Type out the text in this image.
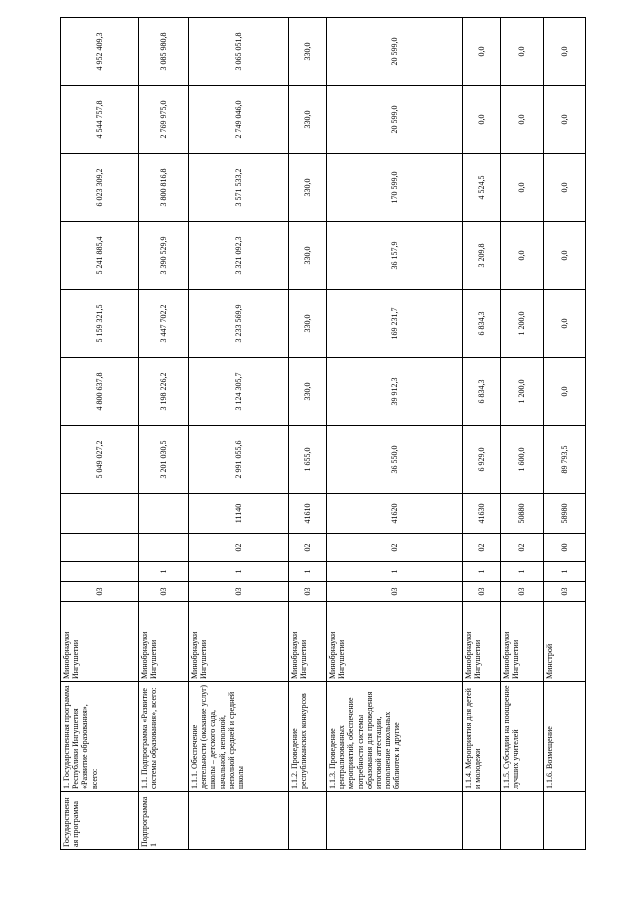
Государственная программа	1. Государственная программа Республики Ингушетия «Развитие образования», всего:	Минобрнауки Ингушетии	03				5 049 027,2	4 800 637,8	5 159 321,5	5 241 885,4	6 023 309,2	4 544 757,8	4 952 409,3
Подпрограмма 1	1.1. Подпрограмма «Развитие системы образования», всего:	Минобрнауки Ингушетии	03	1			3 201 030,5	3 198 226,2	3 447 702,2	3 390 529,9	3 800 816,8	2 769 975,0	3 085 980,8
	1.1.1. Обеспечение деятельности (оказание услуг) школы – детского сада, начальной, неполной, неполной средней и средней школы	Минобрнауки Ингушетии	03	1	02	11140	2 991 055,6	3 124 305,7	3 233 569,9	3 321 092,3	3 571 533,2	2 749 046,0	3 065 051,8
	1.1.2. Проведение республиканских конкурсов	Минобрнауки Ингушетии	03	1	02	41610	1 655,0	330,0	330,0	330,0	330,0	330,0	330,0
	1.1.3. Проведение централизованных мероприятий, обеспечение потребности системы образования для проведения итоговой аттестации, пополнение школьных библиотек и другие	Минобрнауки Ингушетии	03	1	02	41620	36 550,0	39 912,3	169 231,7	36 157,9	170 599,0	20 599,0	20 599,0
	1.1.4. Мероприятия для детей и молодежи	Минобрнауки Ингушетии	03	1	02	41630	6 929,0	6 834,3	6 834,3	3 209,8	4 524,5	0,0	0,0
	1.1.5. Субсидии на поощрение лучших учителей	Минобрнауки Ингушетии	03	1	02	50880	1 600,0	1 200,0	1 200,0	0,0	0,0	0,0	0,0
	1.1.6. Возмещение	Минстрой	03	1	00	58980	89 793,5	0,0	0,0	0,0	0,0	0,0	0,0
